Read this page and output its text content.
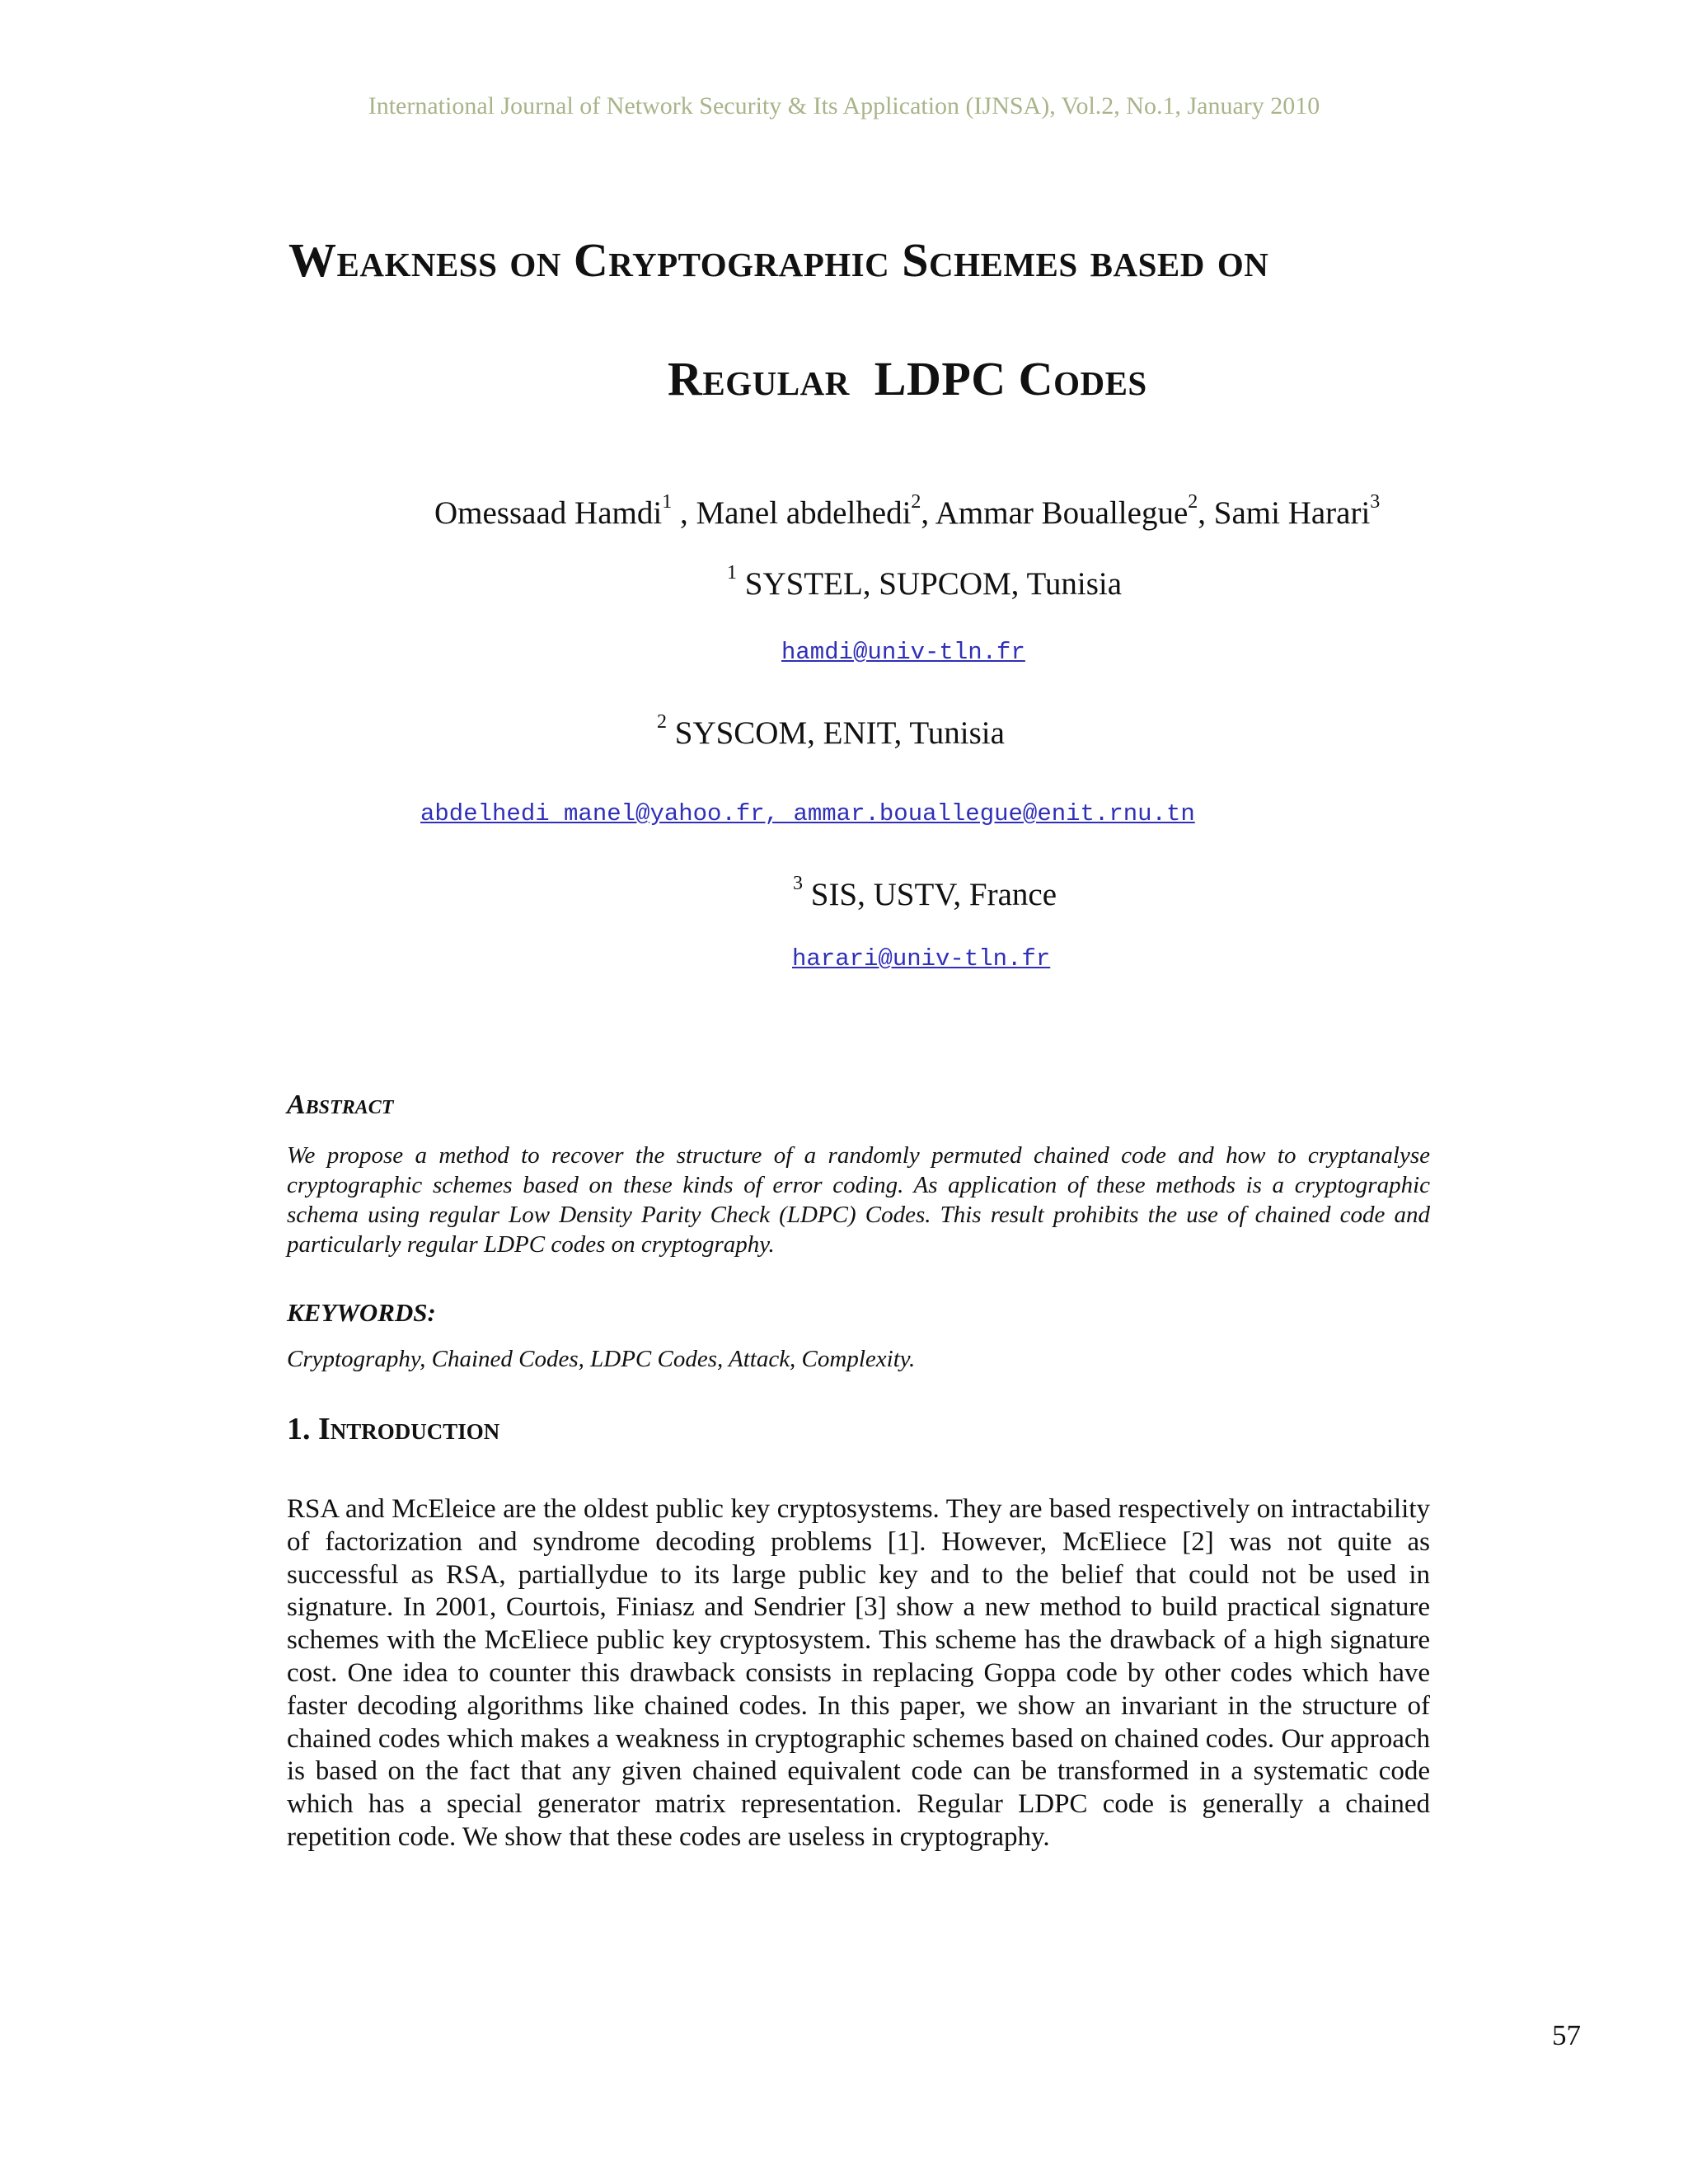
International Journal of Network Security & Its Application (IJNSA), Vol.2, No.1, January 2010
Weakness on Cryptographic Schemes based on
Regular  LDPC Codes
Omessaad Hamdi$^1$ , Manel abdelhedi$^2$, Ammar Bouallegue$^2$, Sami Harari$^3$
$^1$ SYSTEL, SUPCOM, Tunisia
hamdi@univ-tln.fr
$^2$ SYSCOM, ENIT, Tunisia
abdelhedi manel@yahoo.fr, ammar.bouallegue@enit.rnu.tn
$^3$ SIS, USTV, France
harari@univ-tln.fr
Abstract
We propose a method to recover the structure of a randomly permuted chained code and how to cryptanalyse cryptographic schemes based on these kinds of error coding. As application of these methods is a cryptographic schema using regular Low Density Parity Check (LDPC) Codes. This result prohibits the use of chained code and particularly regular LDPC codes on cryptography.
KEYWORDS:
Cryptography, Chained Codes, LDPC Codes, Attack, Complexity.
1. Introduction
RSA and McEleice are the oldest public key cryptosystems. They are based respectively on intractability of factorization and syndrome decoding problems [1]. However, McEliece [2] was not quite as successful as RSA, partiallydue to its large public key and to the belief that could not be used in signature. In 2001, Courtois, Finiasz and Sendrier [3] show a new method to build practical signature schemes with the McEliece public key cryptosystem. This scheme has the drawback of a high signature cost. One idea to counter this drawback consists in replacing Goppa code by other codes which have faster decoding algorithms like chained codes. In this paper, we show an invariant in the structure of chained codes which makes a weakness in cryptographic schemes based on chained codes. Our approach is based on the fact that any given chained equivalent code can be transformed in a systematic code which has a special generator matrix representation. Regular LDPC code is generally a chained repetition code. We show that these codes are useless in cryptography.
57
